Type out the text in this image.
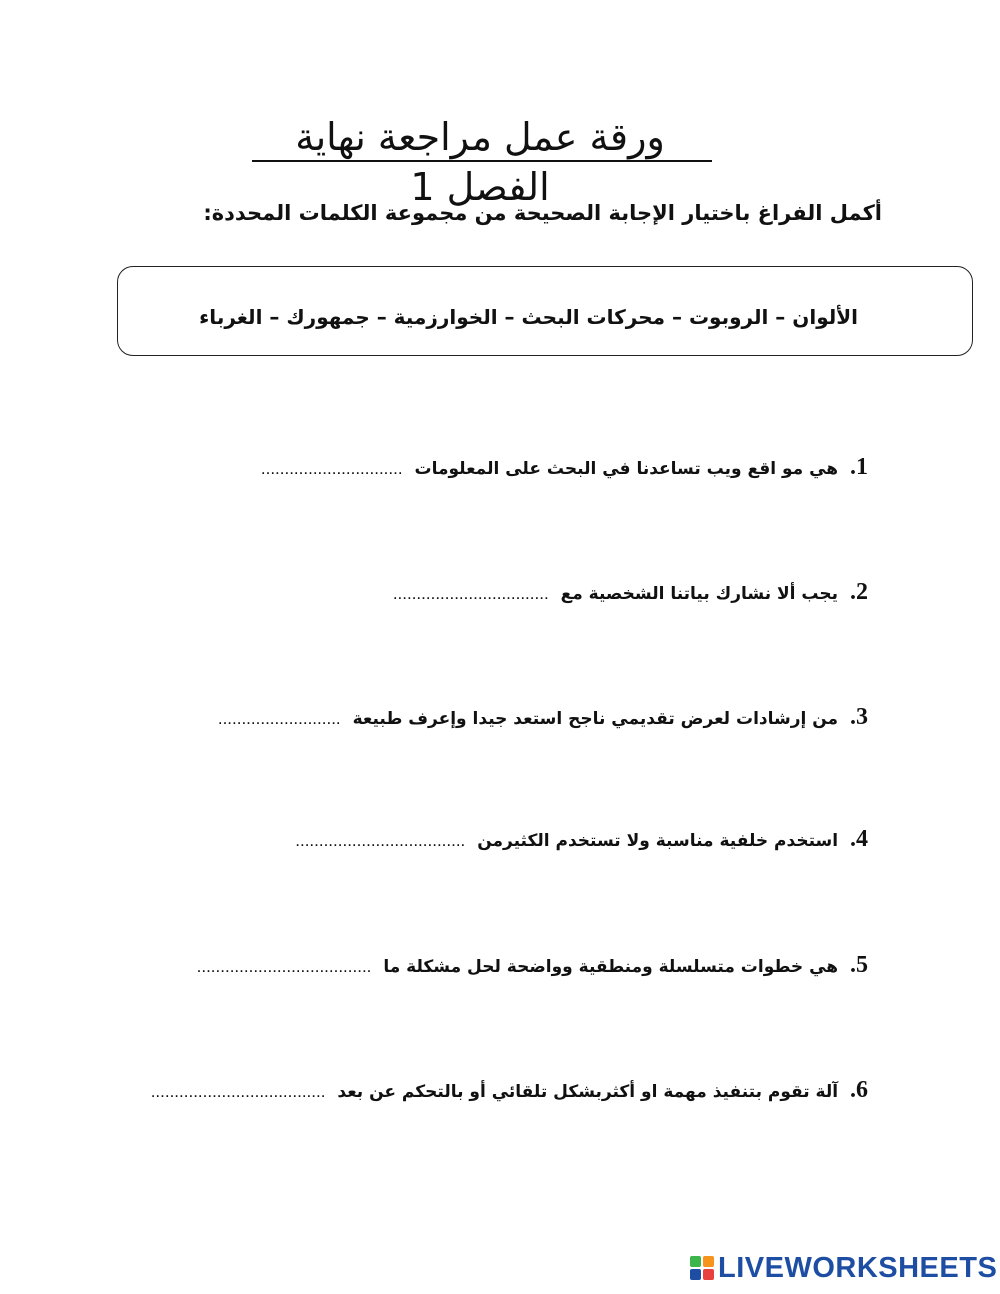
ورقة عمل مراجعة نهاية الفصل 1
أكمل الفراغ باختيار الإجابة الصحيحة من مجموعة الكلمات المحددة:
الألوان – الروبوت – محركات البحث – الخوارزمية – جمهورك – الغرباء
1. هي مو اقع ويب تساعدنا في البحث على المعلومات ..............................
2. يجب ألا نشارك بياتنا الشخصية مع .................................
3. من إرشادات لعرض تقديمي ناجح استعد جيدا وإعرف طبيعة ..........................
4. استخدم خلفية مناسبة ولا تستخدم الكثيرمن ....................................
5. هي خطوات متسلسلة ومنطقية وواضحة لحل مشكلة ما .....................................
6. آلة تقوم بتنفيذ مهمة او أكثربشكل تلقائي أو بالتحكم عن بعد .....................................
LIVEWORKSHEETS
